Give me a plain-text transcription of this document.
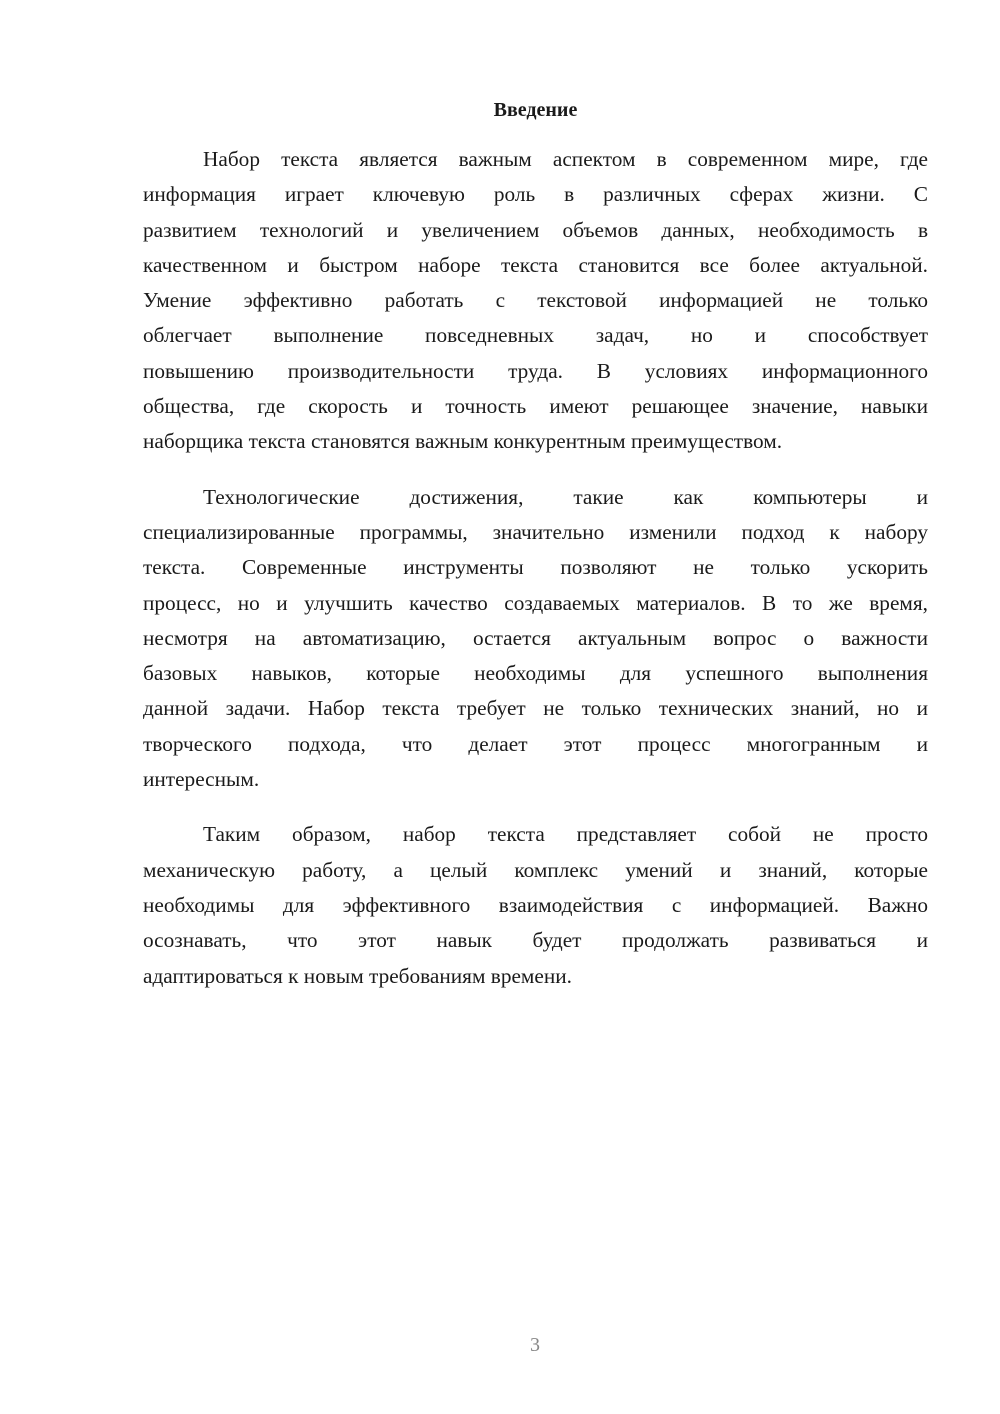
Введение
Набор текста является важным аспектом в современном мире, где
информация играет ключевую роль в различных сферах жизни. С
развитием технологий и увеличением объемов данных, необходимость в
качественном и быстром наборе текста становится все более актуальной.
Умение эффективно работать с текстовой информацией не только
облегчает выполнение повседневных задач, но и способствует
повышению производительности труда. В условиях информационного
общества, где скорость и точность имеют решающее значение, навыки
наборщика текста становятся важным конкурентным преимуществом.
Технологические достижения, такие как компьютеры и
специализированные программы, значительно изменили подход к набору
текста. Современные инструменты позволяют не только ускорить
процесс, но и улучшить качество создаваемых материалов. В то же время,
несмотря на автоматизацию, остается актуальным вопрос о важности
базовых навыков, которые необходимы для успешного выполнения
данной задачи. Набор текста требует не только технических знаний, но и
творческого подхода, что делает этот процесс многогранным и
интересным.
Таким образом, набор текста представляет собой не просто
механическую работу, а целый комплекс умений и знаний, которые
необходимы для эффективного взаимодействия с информацией. Важно
осознавать, что этот навык будет продолжать развиваться и
адаптироваться к новым требованиям времени.
3
